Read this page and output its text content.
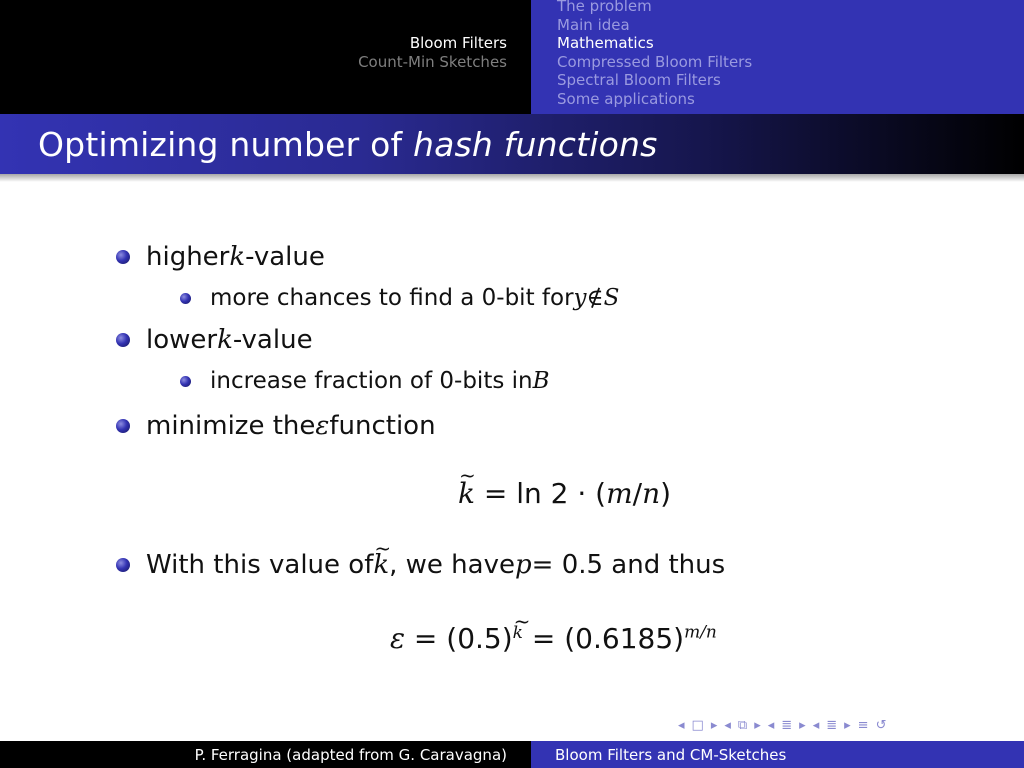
Bloom Filters
Count-Min Sketches
The problem
Main idea
Mathematics
Compressed Bloom Filters
Spectral Bloom Filters
Some applications
Optimizing number of hash functions
higher k -value
more chances to find a 0-bit for y ∉ S
lower k -value
increase fraction of 0-bits in B
minimize the ε function
~ k = ln 2 · (m/n)
With this value of
~ k , we have p = 0.5 and thus
ε = (0.5)~ $^k = (0.6185)^{m/n}$
◂ □ ▸ ◂ ⧉ ▸ ◂ ≣ ▸ ◂ ≣ ▸ ≡ ↺
P. Ferragina (adapted from G. Caravagna)	Bloom Filters and CM-Sketches
